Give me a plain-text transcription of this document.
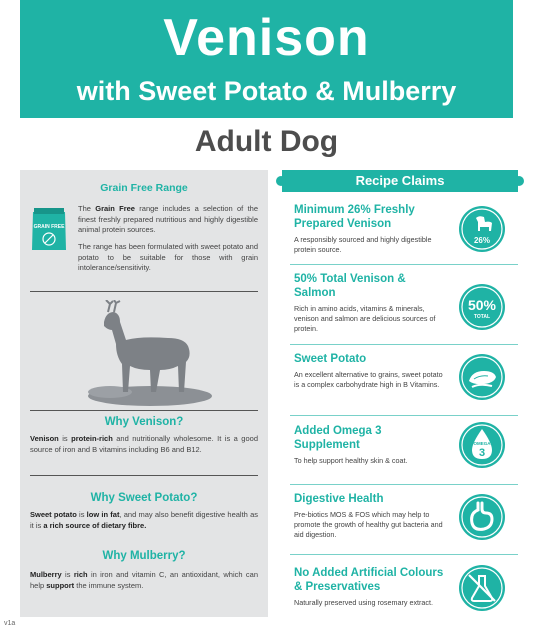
Venison
with Sweet Potato & Mulberry
Adult Dog
Grain Free Range
GRAIN FREE
The Grain Free range includes a selection of the finest freshly prepared nutritious and highly digestible animal protein sources.
The range has been formulated with sweet potato and potato to be suitable for those with grain intolerance/sensitivity.
Why Venison?
Venison is protein-rich and nutritionally wholesome. It is a good source of iron and B vitamins including B6 and B12.
Why Sweet Potato?
Sweet potato is low in fat, and may also benefit digestive health as it is a rich source of dietary fibre.
Why Mulberry?
Mulberry is rich in iron and vitamin C, an antioxidant, which can help support the immune system.
Recipe Claims
Minimum 26% Freshly Prepared Venison
A responsibly sourced and highly digestible protein source.
26%
50% Total Venison & Salmon
Rich in amino acids, vitamins & minerals, venison and salmon are delicious sources of protein.
50%
TOTAL
Sweet Potato
An excellent alternative to grains, sweet potato is a complex carbohydrate high in B Vitamins.
Added Omega 3 Supplement
To help support healthy skin & coat.
OMEGA
3
Digestive Health
Pre-biotics MOS & FOS which may help to promote the growth of healthy gut bacteria and aid digestion.
No Added Artificial Colours & Preservatives
Naturally preserved using rosemary extract.
v1a
